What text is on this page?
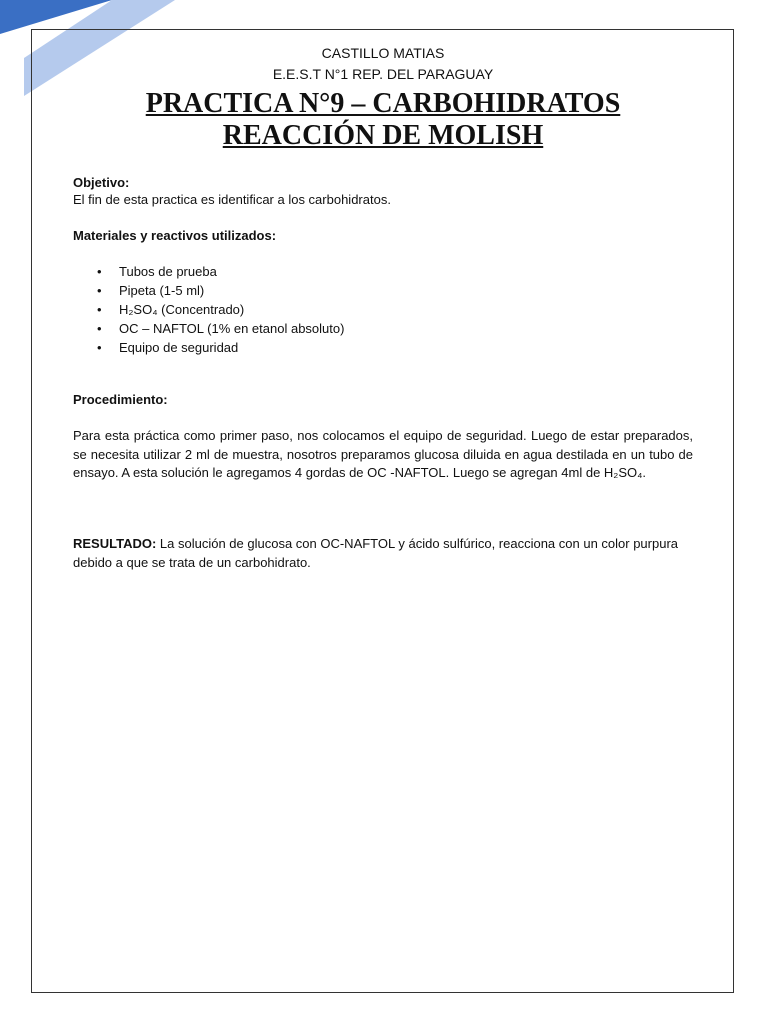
CASTILLO MATIAS
E.E.S.T N°1 REP. DEL PARAGUAY
PRACTICA N°9 – CARBOHIDRATOS
REACCIÓN DE MOLISH
Objetivo:
El fin de esta practica es identificar a los carbohidratos.
Materiales y reactivos utilizados:
• Tubos de prueba
• Pipeta (1-5 ml)
• H₂SO₄ (Concentrado)
• OC – NAFTOL (1% en etanol absoluto)
• Equipo de seguridad
Procedimiento:

Para esta práctica como primer paso, nos colocamos el equipo de seguridad. Luego de estar preparados, se necesita utilizar 2 ml de muestra, nosotros preparamos glucosa diluida en agua destilada en un tubo de ensayo. A esta solución le agregamos 4 gordas de OC -NAFTOL. Luego se agregan 4ml de H₂SO₄.

RESULTADO: La solución de glucosa con OC-NAFTOL y ácido sulfúrico, reacciona con un color purpura debido a que se trata de un carbohidrato.
